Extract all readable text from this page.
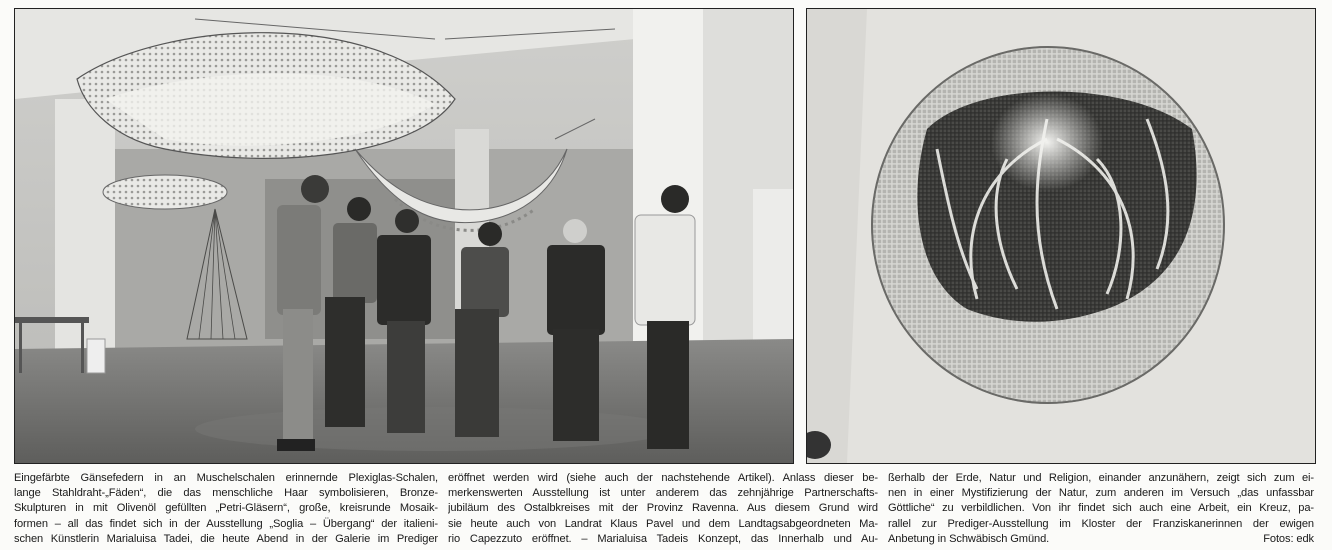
Eingefärbte Gänsefedern in an Muschelschalen erinnernde Plexiglas-Schalen,
lange Stahldraht-„Fäden“, die das menschliche Haar symbolisieren, Bronze-
Skulpturen in mit Olivenöl gefüllten „Petri-Gläsern“, große, kreisrunde Mosaik-
formen – all das findet sich in der Ausstellung „Soglia – Übergang“ der italieni-
schen Künstlerin Marialuisa Tadei, die heute Abend in der Galerie im Prediger
eröffnet werden wird (siehe auch der nachstehende Artikel). Anlass dieser be-
merkenswerten Ausstellung ist unter anderem das zehnjährige Partnerschafts-
jubiläum des Ostalbkreises mit der Provinz Ravenna. Aus diesem Grund wird
sie heute auch von Landrat Klaus Pavel und dem Landtagsabgeordneten Ma-
rio Capezzuto eröffnet. – Marialuisa Tadeis Konzept, das Innerhalb und Au-
ßerhalb der Erde, Natur und Religion, einander anzunähern, zeigt sich zum ei-
nen in einer Mystifizierung der Natur, zum anderen im Versuch „das unfassbar
Göttliche“ zu verbildlichen. Von ihr findet sich auch eine Arbeit, ein Kreuz, pa-
rallel zur Prediger-Ausstellung im Kloster der Franziskanerinnen der ewigen
Anbetung in Schwäbisch Gmünd.	Fotos: edk
